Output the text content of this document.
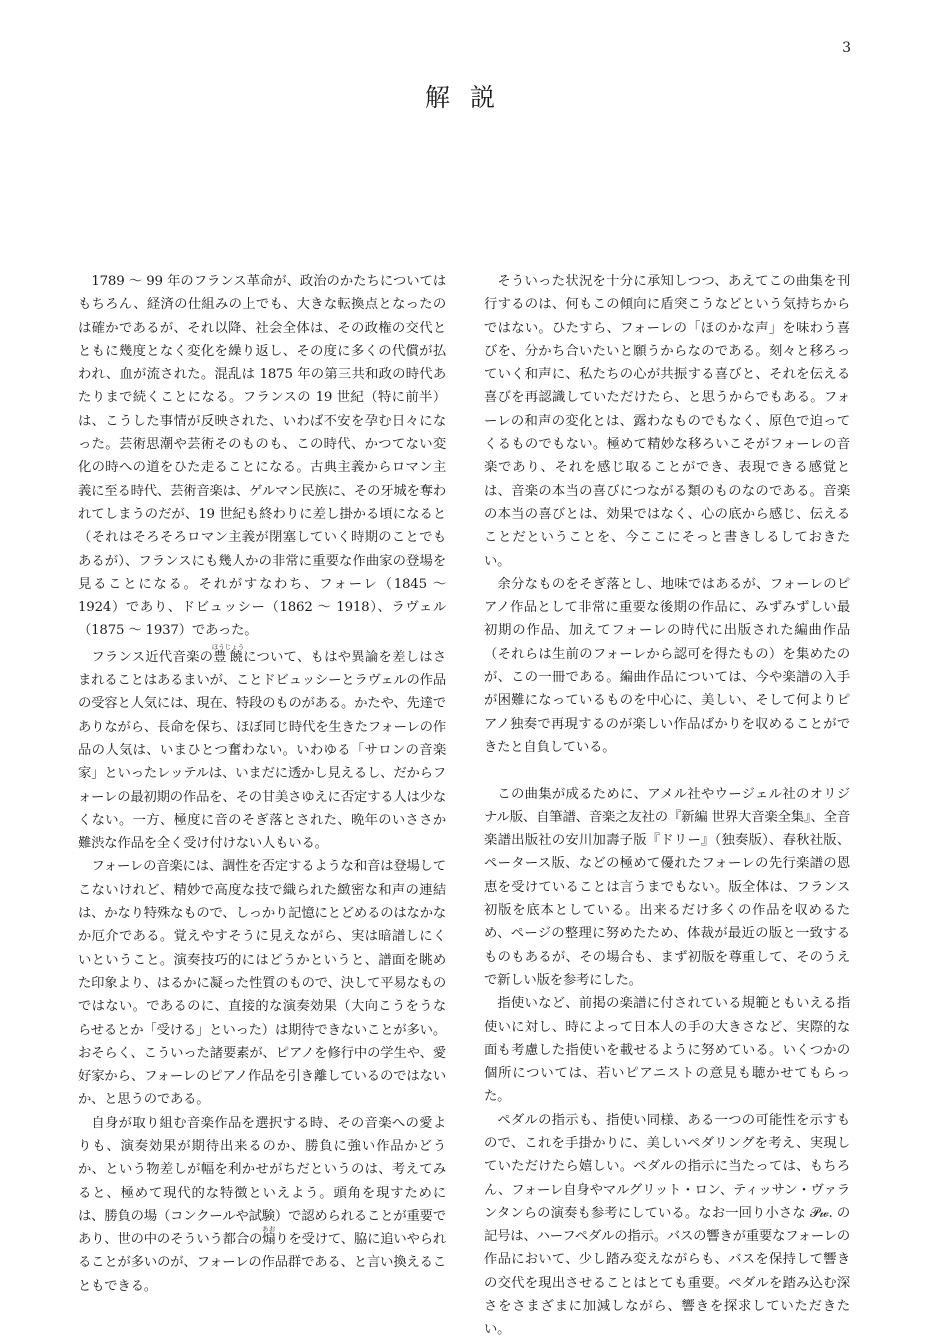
3
解 説

1789 〜 99 年のフランス革命が、政治のかたちについてはもちろん、経済の仕組みの上でも、大きな転換点となったのは確かであるが、それ以降、社会全体は、その政権の交代とともに幾度となく変化を繰り返し、その度に多くの代償が払われ、血が流された。混乱は 1875 年の第三共和政の時代あたりまで続くことになる。フランスの 19 世紀（特に前半）は、こうした事情が反映された、いわば不安を孕む日々になった。芸術思潮や芸術そのものも、この時代、かつてない変化の時への道をひた走ることになる。古典主義からロマン主義に至る時代、芸術音楽は、ゲルマン民族に、その牙城を奪われてしまうのだが、19 世紀も終わりに差し掛かる頃になると（それはそろそろロマン主義が閉塞していく時期のことでもあるが）、フランスにも幾人かの非常に重要な作曲家の登場を見ることになる。それがすなわち、フォーレ（1845 〜 1924）であり、ドビュッシー（1862 〜 1918）、ラヴェル（1875 〜 1937）であった。

フランス近代音楽の豊饒ほうじょうについて、もはや異論を差しはさまれることはあるまいが、ことドビュッシーとラヴェルの作品の受容と人気には、現在、特段のものがある。かたや、先達でありながら、長命を保ち、ほぼ同じ時代を生きたフォーレの作品の人気は、いまひとつ奮わない。いわゆる「サロンの音楽家」といったレッテルは、いまだに透かし見えるし、だからフォーレの最初期の作品を、その甘美さゆえに否定する人は少なくない。一方、極度に音のそぎ落とされた、晩年のいささか難渋な作品を全く受け付けない人もいる。

フォーレの音楽には、調性を否定するような和音は登場してこないけれど、精妙で高度な技で織られた緻密な和声の連結は、かなり特殊なもので、しっかり記憶にとどめるのはなかなか厄介である。覚えやすそうに見えながら、実は暗譜しにくいということ。演奏技巧的にはどうかというと、譜面を眺めた印象より、はるかに凝った性質のもので、決して平易なものではない。であるのに、直接的な演奏効果（大向こうをうならせるとか「受ける」といった）は期待できないことが多い。おそらく、こういった諸要素が、ピアノを修行中の学生や、愛好家から、フォーレのピアノ作品を引き離しているのではないか、と思うのである。

自身が取り組む音楽作品を選択する時、その音楽への愛よりも、演奏効果が期待出来るのか、勝負に強い作品かどうか、という物差しが幅を利かせがちだというのは、考えてみると、極めて現代的な特徴といえよう。頭角を現すためには、勝負の場（コンクールや試験）で認められることが重要であり、世の中のそういう都合の煽あおりを受けて、脇に追いやられることが多いのが、フォーレの作品群である、と言い換えることもできる。

そういった状況を十分に承知しつつ、あえてこの曲集を刊行するのは、何もこの傾向に盾突こうなどという気持ちからではない。ひたすら、フォーレの「ほのかな声」を味わう喜びを、分かち合いたいと願うからなのである。刻々と移ろっていく和声に、私たちの心が共振する喜びと、それを伝える喜びを再認識していただけたら、と思うからでもある。フォーレの和声の変化とは、露わなものでもなく、原色で迫ってくるものでもない。極めて精妙な移ろいこそがフォーレの音楽であり、それを感じ取ることができ、表現できる感覚とは、音楽の本当の喜びにつながる類のものなのである。音楽の本当の喜びとは、効果ではなく、心の底から感じ、伝えることだということを、今ここにそっと書きしるしておきたい。

余分なものをそぎ落とし、地味ではあるが、フォーレのピアノ作品として非常に重要な後期の作品に、みずみずしい最初期の作品、加えてフォーレの時代に出版された編曲作品（それらは生前のフォーレから認可を得たもの）を集めたのが、この一冊である。編曲作品については、今や楽譜の入手が困難になっているものを中心に、美しい、そして何よりピアノ独奏で再現するのが楽しい作品ばかりを収めることができたと自負している。

この曲集が成るために、アメル社やウージェル社のオリジナル版、自筆譜、音楽之友社の『新編 世界大音楽全集』、全音楽譜出版社の安川加壽子版『ドリー』（独奏版）、春秋社版、ペータース版、などの極めて優れたフォーレの先行楽譜の恩恵を受けていることは言うまでもない。版全体は、フランス初版を底本としている。出来るだけ多くの作品を収めるため、ページの整理に努めたため、体裁が最近の版と一致するものもあるが、その場合も、まず初版を尊重して、そのうえで新しい版を参考にした。

指使いなど、前掲の楽譜に付されている規範ともいえる指使いに対し、時によって日本人の手の大きさなど、実際的な面も考慮した指使いを載せるように努めている。いくつかの個所については、若いピアニストの意見も聴かせてもらった。

ペダルの指示も、指使い同様、ある一つの可能性を示すもので、これを手掛かりに、美しいペダリングを考え、実現していただけたら嬉しい。ペダルの指示に当たっては、もちろん、フォーレ自身やマルグリット・ロン、ティッサン・ヴァランタンらの演奏も参考にしている。なお一回り小さな 𝒫𝓌. の記号は、ハーフペダルの指示。バスの響きが重要なフォーレの作品において、少し踏み変えながらも、バスを保持して響きの交代を現出させることはとても重要。ペダルを踏み込む深さをさまざまに加減しながら、響きを探求していただきたい。
